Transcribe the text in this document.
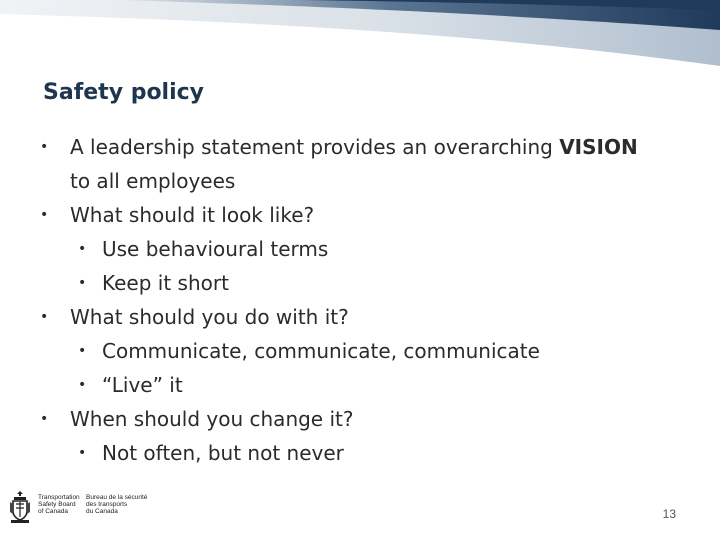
Safety policy
• A leadership statement provides an overarching VISION
to all employees
• What should it look like?
• Use behavioural terms
• Keep it short
• What should you do with it?
• Communicate, communicate, communicate
• “Live” it
• When should you change it?
• Not often, but not never
Transportation
Safety Board
of Canada
Bureau de la sécurité
des transports
du Canada	13
